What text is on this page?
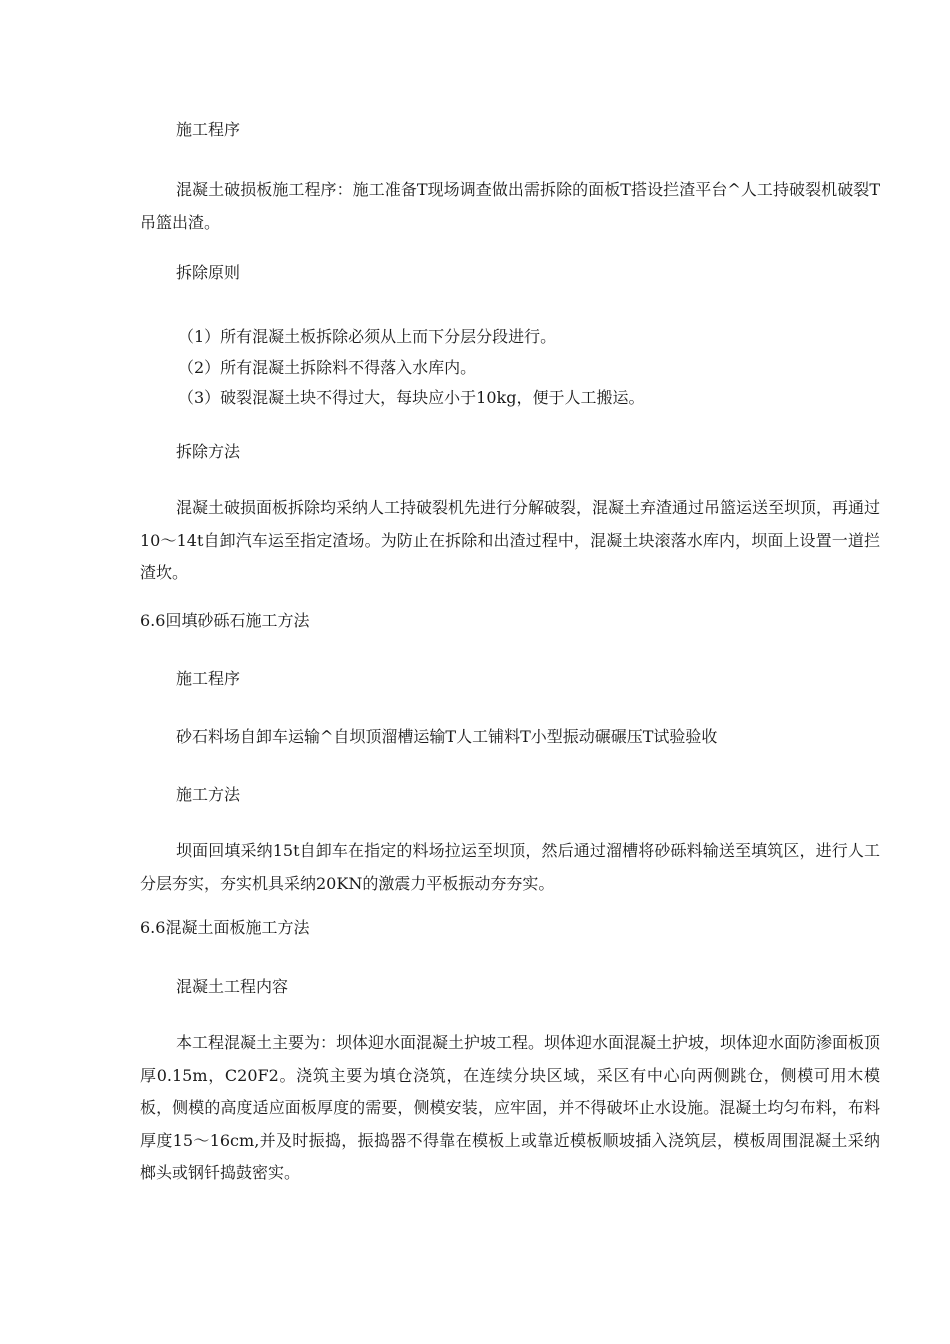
施工程序
混凝土破损板施工程序：施工准备T现场调查做出需拆除的面板T搭设拦渣平台^人工持破裂机破裂T吊篮出渣。
拆除原则
（1）所有混凝土板拆除必须从上而下分层分段进行。
（2）所有混凝土拆除料不得落入水库内。
（3）破裂混凝土块不得过大，每块应小于10kg，便于人工搬运。
拆除方法
混凝土破损面板拆除均采纳人工持破裂机先进行分解破裂，混凝土弃渣通过吊篮运送至坝顶，再通过10〜14t自卸汽车运至指定渣场。为防止在拆除和出渣过程中，混凝土块滚落水库内，坝面上设置一道拦渣坎。
6.6回填砂砾石施工方法
施工程序
砂石料场自卸车运输^自坝顶溜槽运输T人工铺料T小型振动碾碾压T试验验收
施工方法
坝面回填采纳15t自卸车在指定的料场拉运至坝顶，然后通过溜槽将砂砾料输送至填筑区，进行人工分层夯实，夯实机具采纳20KN的激震力平板振动夯夯实。
6.6混凝土面板施工方法
混凝土工程内容
本工程混凝土主要为：坝体迎水面混凝土护坡工程。坝体迎水面混凝土护坡，坝体迎水面防渗面板顶厚0.15m，C20F2。浇筑主要为填仓浇筑，在连续分块区域，采区有中心向两侧跳仓，侧模可用木模板，侧模的高度适应面板厚度的需要，侧模安装，应牢固，并不得破坏止水设施。混凝土均匀布料，布料厚度15〜16cm,并及时振捣，振捣器不得靠在模板上或靠近模板顺坡插入浇筑层，模板周围混凝土采纳榔头或钢钎捣鼓密实。
